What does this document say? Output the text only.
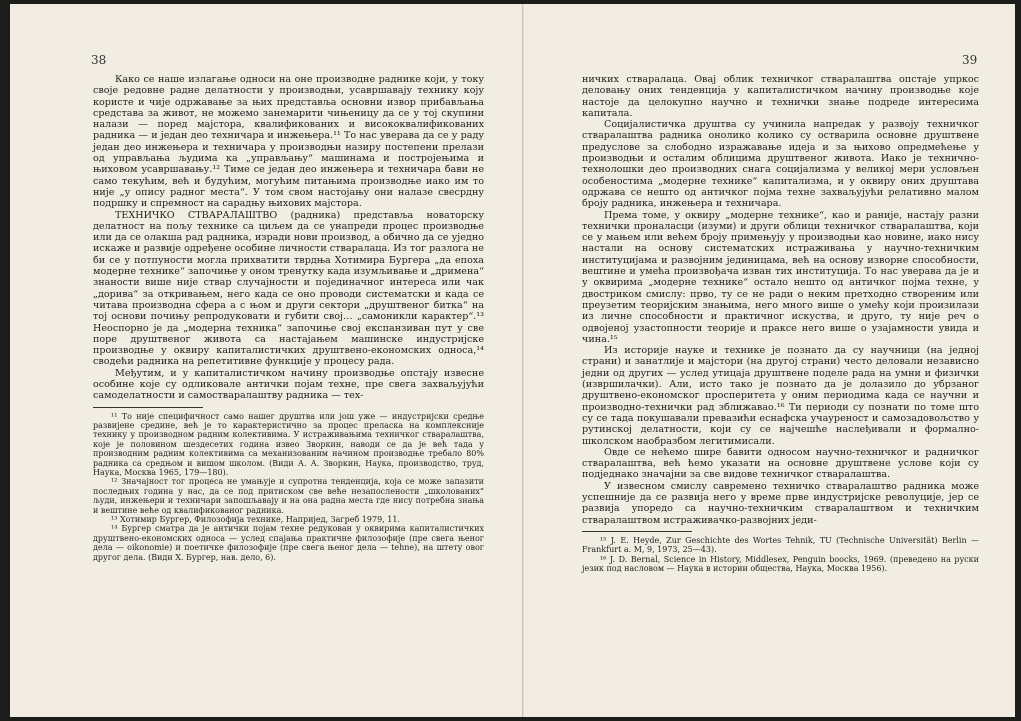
38

Како се наше излагање односи на оне производне раднике који, у току своје редовне радне делатности у производњи, усавршавају технику коју користе и чије одржавање за њих представља основни извор прибављања средстава за живот, не можемо занемарити чињеницу да се у тој скупини налази — поред мајстора, квалификованих и висококвалификованих радника — и један део техничара и инжењера.¹¹ То нас уверава да се у раду један део инжењера и техничара у производњи назиру постепени прелази од управљања људима ка „управљању“ машинама и постројењима и њиховом усавршавању.¹² Тиме се један део инжењера и техничара бави не само текућим, већ и будућим, могућим питањима производње иако им то није „у опису радног места“. У том свом настојању они налазе свесрдну подршку и спремност на сарадњу њихових мајстора.

ТЕХНИЧКО СТВАРАЛАШТВО (радника) представља новаторску делатност на пољу технике са циљем да се унапреди процес производње или да се олакша рад радника, изради нови производ, а обично да се уједно искаже и развије одређене особине личности стваралаца. Из тог разлога не би се у потпуности могла прихватити тврдња Хотимира Бургера „да епоха модерне технике“ започиње у оном тренутку када изумљивање и „дримена“ знаности више није ствар случајности и појединачног интереса или чак „дорива“ за откривањем, него када се оно проводи систематски и када се читава производна сфера а с њом и други сектори „друштвеног битка“ на тој основи почињу репродуковати и губити свој… „самоникли карактер“.¹³ Неоспорно је да „модерна техника“ започиње свој експанзиван пут у све поре друштвеног живота са настајањем машинске индустријске производње у оквиру капиталистичких друштвено-економских односа,¹⁴ сводећи радника на репетитивне функције у процесу рада.

Међутим, и у капиталистичком начину производње опстају извесне особине које су одликовале антички појам техне, пре свега захваљујући самоделатности и самостваралаштву радника — тех-

¹¹ То није специфичност само нашег друштва или још уже — индустријски средње развијене средине, већ је то карактеристично за процес прелаcка на комплексније технику у производном радним колективима. У истраживањима техничког стваралаштва, које је половином шездесетих година извео Зворкин, наводи се да је већ тада у производним радним колективима са механизованим начином производње требало 80% радника са средњом и вишом школом. (Види А. А. Зворкин, Наука, производство, труд, Наука, Москва 1965, 179—180).

¹² Значајност тог процеса не умањује и супротна тенденција, која се може запазити последњих година у нас, да се под притиском све веће незапослености „школованих“ људи, инжењери и техничари запошљавају и на она радна места где нису потребна знања и вештине веће од квалификованог радника.

¹³ Хотимир Бургер, Филозофија технике, Напријед, Загреб 1979, 11.

¹⁴ Бургер сматра да је антички појам техне редукован у оквирима капиталистичких друштвено-економских односа — услед спајања практичне филозофије (пре свега њеног дела — oikonomie) и поетичке филозофије (пре свега њеног дела — tehne), на штету овог другог дела. (Види Х. Бургер, нав. дело, 6).

39

ничких стваралаца. Овај облик техничког стваралаштва опстаје упркос деловању оних тенденција у капиталистичком начину производње које настоје да целокупно научно и технички знање подреде интересима капитала.

Социјалистичка друштва су учинила напредак у развоју техничког стваралаштва радника онолико колико су остварила основне друштвене предуслове за слободно изражавање идеја и за њихово опредмећење у производњи и осталим облицима друштвеног живота. Иако је технично-технолошки део производних снага социјализма у великој мери условљен особеностима „модерне технике“ капитализма, и у оквиру оних друштава одржава се нешто од античког појма техне захваљујући релативно малом броју радника, инжењера и техничара.

Према томе, у оквиру „модерне технике“, као и раније, настају разни технички проналасци (изуми) и други облици техничког стваралаштва, који се у мањем или већем броју примењују у производњи као новине, иако нису настали на основу систематских истраживања у научно-техничким институцијама и развојним јединицама, већ на основу изворне способности, вештине и умећа произвођача изван тих институција. То нас уверава да је и у оквирима „модерне технике“ остало нешто од античког појма техне, у двостриком смислу: прво, ту се не ради о неким претходно створеним или преузетим теоријским знањима, него много више о умећу који произилази из личне способности и практичног искуства, и друго, ту није реч о одвојеној узастопности теорије и праксе него више о узајамности увида и чина.¹⁵

Из историје науке и технике је познато да су научници (на једној страни) и занатлије и мајстори (на другој страни) често деловали независно једни од других — услед утицаја друштвене поделе рада на умни и физички (извршилачки). Али, исто тако је познато да је долазило до убрзаног друштвено-економског просперитета у оним периодима када се научни и производно-технички рад зближавао.¹⁶ Ти периоди су познати по томе што су се тада покушавали превазићи еснафска учауреност и самозадовољство у рутинској делатности, који су се најчешће наслеђивали и формално-школском наобразбом легитимисали.

Овде се нећемо шире бавити односом научно-техничког и радничког стваралаштва, већ ћемо указати на основне друштвене услове који су подједнако значајни за све видове техничког стваралаштва.

У извесном смислу савремено техничко стваралаштво радника може успешније да се развија него у време прве индустријске револуције, јер се развија упоредо са научно-техничким стваралаштвом и техничким стваралаштвом истраживачко-развојних једи-

¹⁵ J. E. Heyde, Zur Geschichte des Wortes Tehnik, TU (Technische Universität) Berlin — Frankfurt a. M, 9, 1973, 25—43).

¹⁶ J. D. Bernal, Science in History, Middlesex, Penguin boocks, 1969. (преведено на руски језик под насловом — Наука в истории общества, Наука, Москва 1956).
